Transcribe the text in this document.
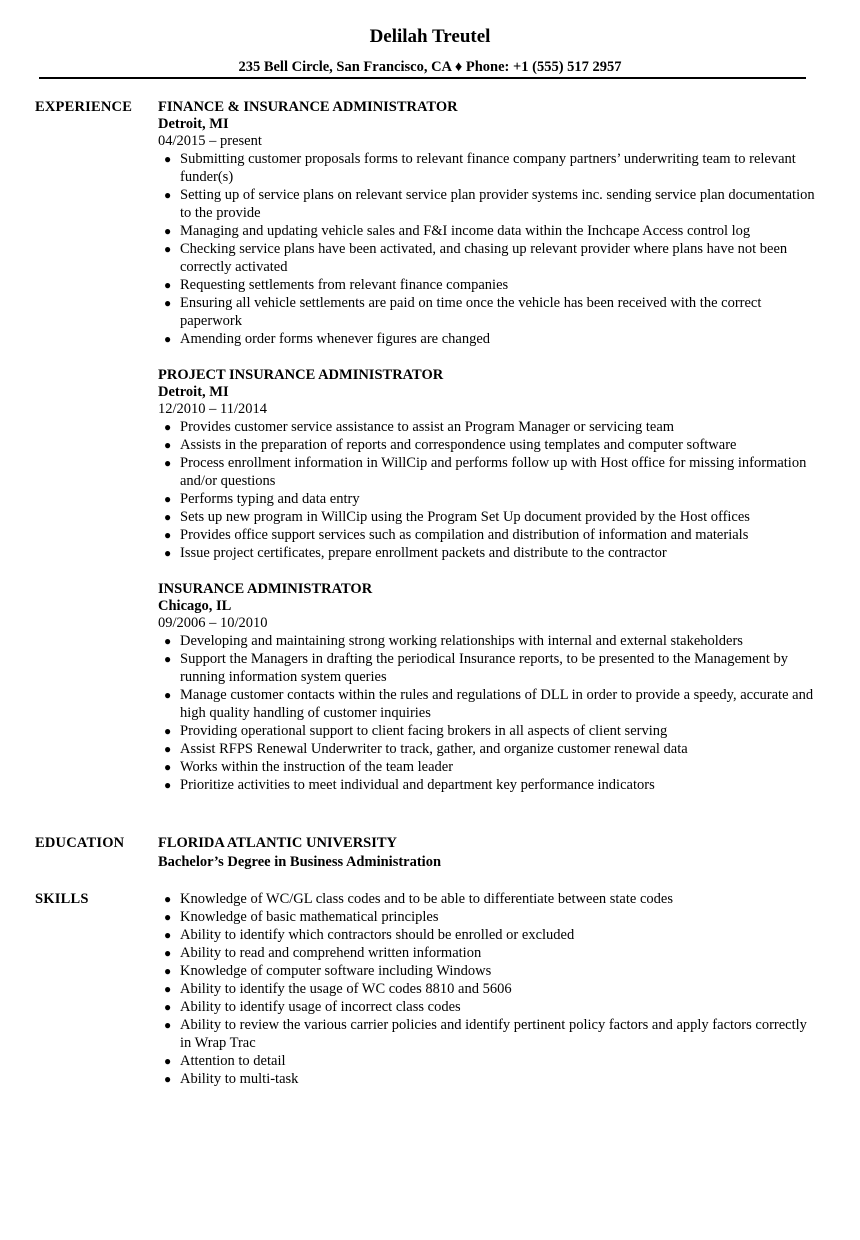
Delilah Treutel
235 Bell Circle, San Francisco, CA ♦ Phone: +1 (555) 517 2957
EXPERIENCE FINANCE & INSURANCE ADMINISTRATOR
Detroit, MI
04/2015 – present
● Submitting customer proposals forms to relevant finance company partners’ underwriting team to relevant funder(s)
● Setting up of service plans on relevant service plan provider systems inc. sending service plan documentation to the provide
● Managing and updating vehicle sales and F&I income data within the Inchcape Access control log
● Checking service plans have been activated, and chasing up relevant provider where plans have not been correctly activated
● Requesting settlements from relevant finance companies
● Ensuring all vehicle settlements are paid on time once the vehicle has been received with the correct paperwork
● Amending order forms whenever figures are changed
PROJECT INSURANCE ADMINISTRATOR
Detroit, MI
12/2010 – 11/2014
● Provides customer service assistance to assist an Program Manager or servicing team
● Assists in the preparation of reports and correspondence using templates and computer software
● Process enrollment information in WillCip and performs follow up with Host office for missing information and/or questions
● Performs typing and data entry
● Sets up new program in WillCip using the Program Set Up document provided by the Host offices
● Provides office support services such as compilation and distribution of information and materials
● Issue project certificates, prepare enrollment packets and distribute to the contractor
INSURANCE ADMINISTRATOR
Chicago, IL
09/2006 – 10/2010
● Developing and maintaining strong working relationships with internal and external stakeholders
● Support the Managers in drafting the periodical Insurance reports, to be presented to the Management by running information system queries
● Manage customer contacts within the rules and regulations of DLL in order to provide a speedy, accurate and high quality handling of customer inquiries
● Providing operational support to client facing brokers in all aspects of client serving
● Assist RFPS Renewal Underwriter to track, gather, and organize customer renewal data
● Works within the instruction of the team leader
● Prioritize activities to meet individual and department key performance indicators
EDUCATION FLORIDA ATLANTIC UNIVERSITY
Bachelor’s Degree in Business Administration
SKILLS	● Knowledge of WC/GL class codes and to be able to differentiate between state codes
● Knowledge of basic mathematical principles
● Ability to identify which contractors should be enrolled or excluded
● Ability to read and comprehend written information
● Knowledge of computer software including Windows
● Ability to identify the usage of WC codes 8810 and 5606
● Ability to identify usage of incorrect class codes
● Ability to review the various carrier policies and identify pertinent policy factors and apply factors correctly in Wrap Trac
● Attention to detail
● Ability to multi-task
